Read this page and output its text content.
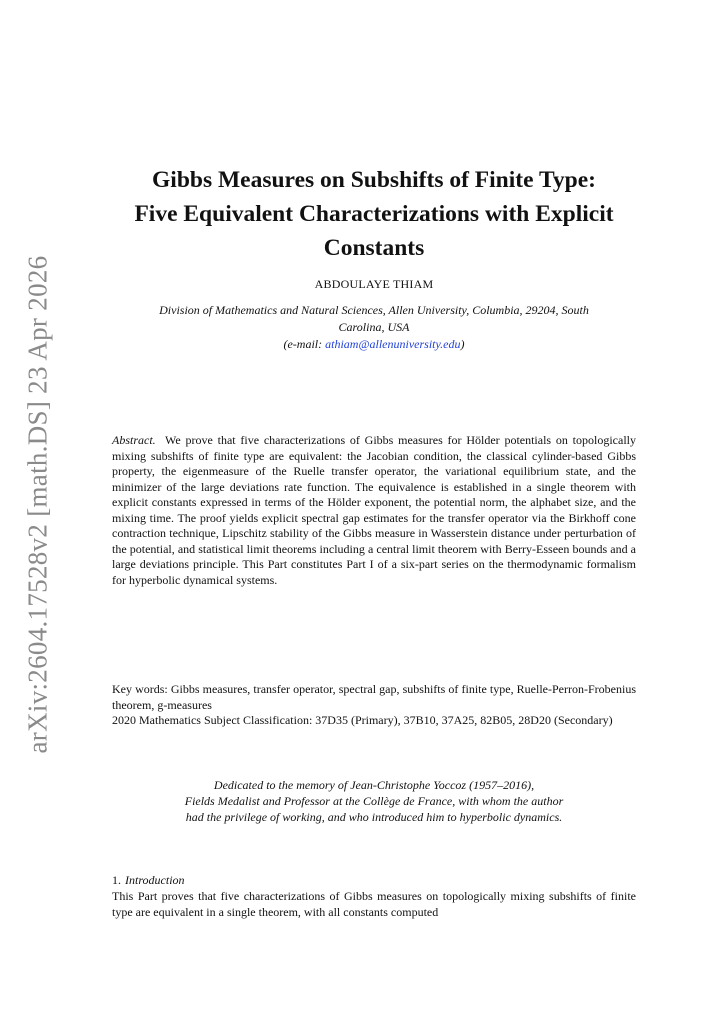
arXiv:2604.17528v2 [math.DS] 23 Apr 2026
Gibbs Measures on Subshifts of Finite Type:
Five Equivalent Characterizations with Explicit
Constants
ABDOULAYE THIAM
Division of Mathematics and Natural Sciences, Allen University, Columbia, 29204, South
Carolina, USA
(e-mail: athiam@allenuniversity.edu)

Abstract. We prove that five characterizations of Gibbs measures for Hölder potentials on topologically mixing subshifts of finite type are equivalent: the Jacobian condition, the classical cylinder-based Gibbs property, the eigenmeasure of the Ruelle transfer operator, the variational equilibrium state, and the minimizer of the large deviations rate function. The equivalence is established in a single theorem with explicit constants expressed in terms of the Hölder exponent, the potential norm, the alphabet size, and the mixing time. The proof yields explicit spectral gap estimates for the transfer operator via the Birkhoff cone contraction technique, Lipschitz stability of the Gibbs measure in Wasserstein distance under perturbation of the potential, and statistical limit theorems including a central limit theorem with Berry-Esseen bounds and a large deviations principle. This Part constitutes Part I of a six-part series on the thermodynamic formalism for hyperbolic dynamical systems.

Key words: Gibbs measures, transfer operator, spectral gap, subshifts of finite type, Ruelle-Perron-Frobenius theorem, g-measures
2020 Mathematics Subject Classification: 37D35 (Primary), 37B10, 37A25, 82B05, 28D20 (Secondary)
Dedicated to the memory of Jean-Christophe Yoccoz (1957–2016),
Fields Medalist and Professor at the Collège de France, with whom the author
had the privilege of working, and who introduced him to hyperbolic dynamics.
1. Introduction

This Part proves that five characterizations of Gibbs measures on topologically mixing subshifts of finite type are equivalent in a single theorem, with all constants computed
